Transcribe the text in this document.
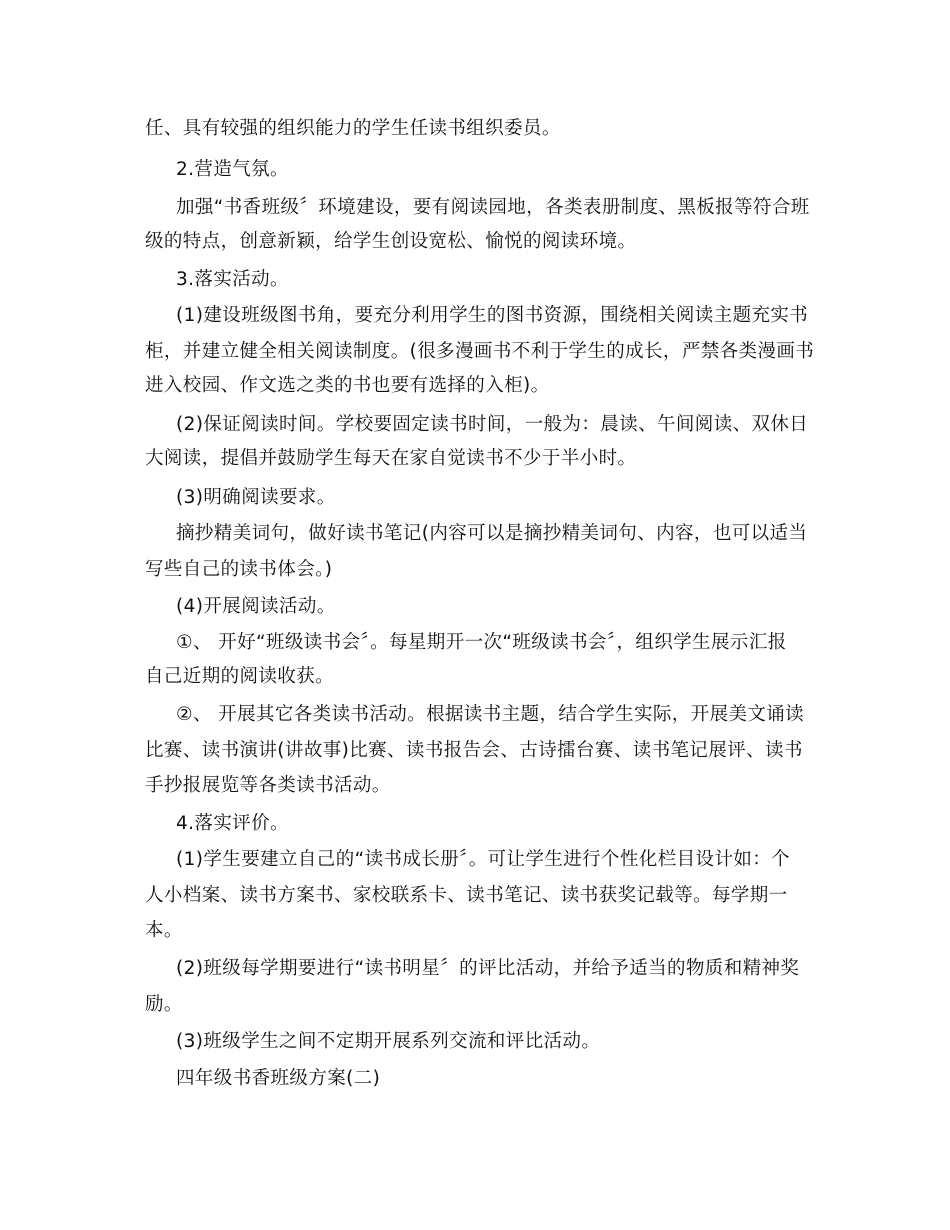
任、具有较强的组织能力的学生任读书组织委员。
2.营造气氛。
加强“书香班级〞环境建设，要有阅读园地，各类表册制度、黑板报等符合班
级的特点，创意新颖，给学生创设宽松、愉悦的阅读环境。
3.落实活动。
(1)建设班级图书角，要充分利用学生的图书资源，围绕相关阅读主题充实书
柜，并建立健全相关阅读制度。(很多漫画书不利于学生的成长，严禁各类漫画书
进入校园、作文选之类的书也要有选择的入柜)。
(2)保证阅读时间。学校要固定读书时间，一般为：晨读、午间阅读、双休日
大阅读，提倡并鼓励学生每天在家自觉读书不少于半小时。
(3)明确阅读要求。
摘抄精美词句，做好读书笔记(内容可以是摘抄精美词句、内容，也可以适当
写些自己的读书体会。)
(4)开展阅读活动。
①、 开好“班级读书会〞。每星期开一次“班级读书会〞，组织学生展示汇报
自己近期的阅读收获。
②、 开展其它各类读书活动。根据读书主题，结合学生实际，开展美文诵读
比赛、读书演讲(讲故事)比赛、读书报告会、古诗擂台赛、读书笔记展评、读书
手抄报展览等各类读书活动。
4.落实评价。
(1)学生要建立自己的“读书成长册〞。可让学生进行个性化栏目设计如：个
人小档案、读书方案书、家校联系卡、读书笔记、读书获奖记载等。每学期一
本。
(2)班级每学期要进行“读书明星〞的评比活动，并给予适当的物质和精神奖
励。
(3)班级学生之间不定期开展系列交流和评比活动。
四年级书香班级方案(二)
